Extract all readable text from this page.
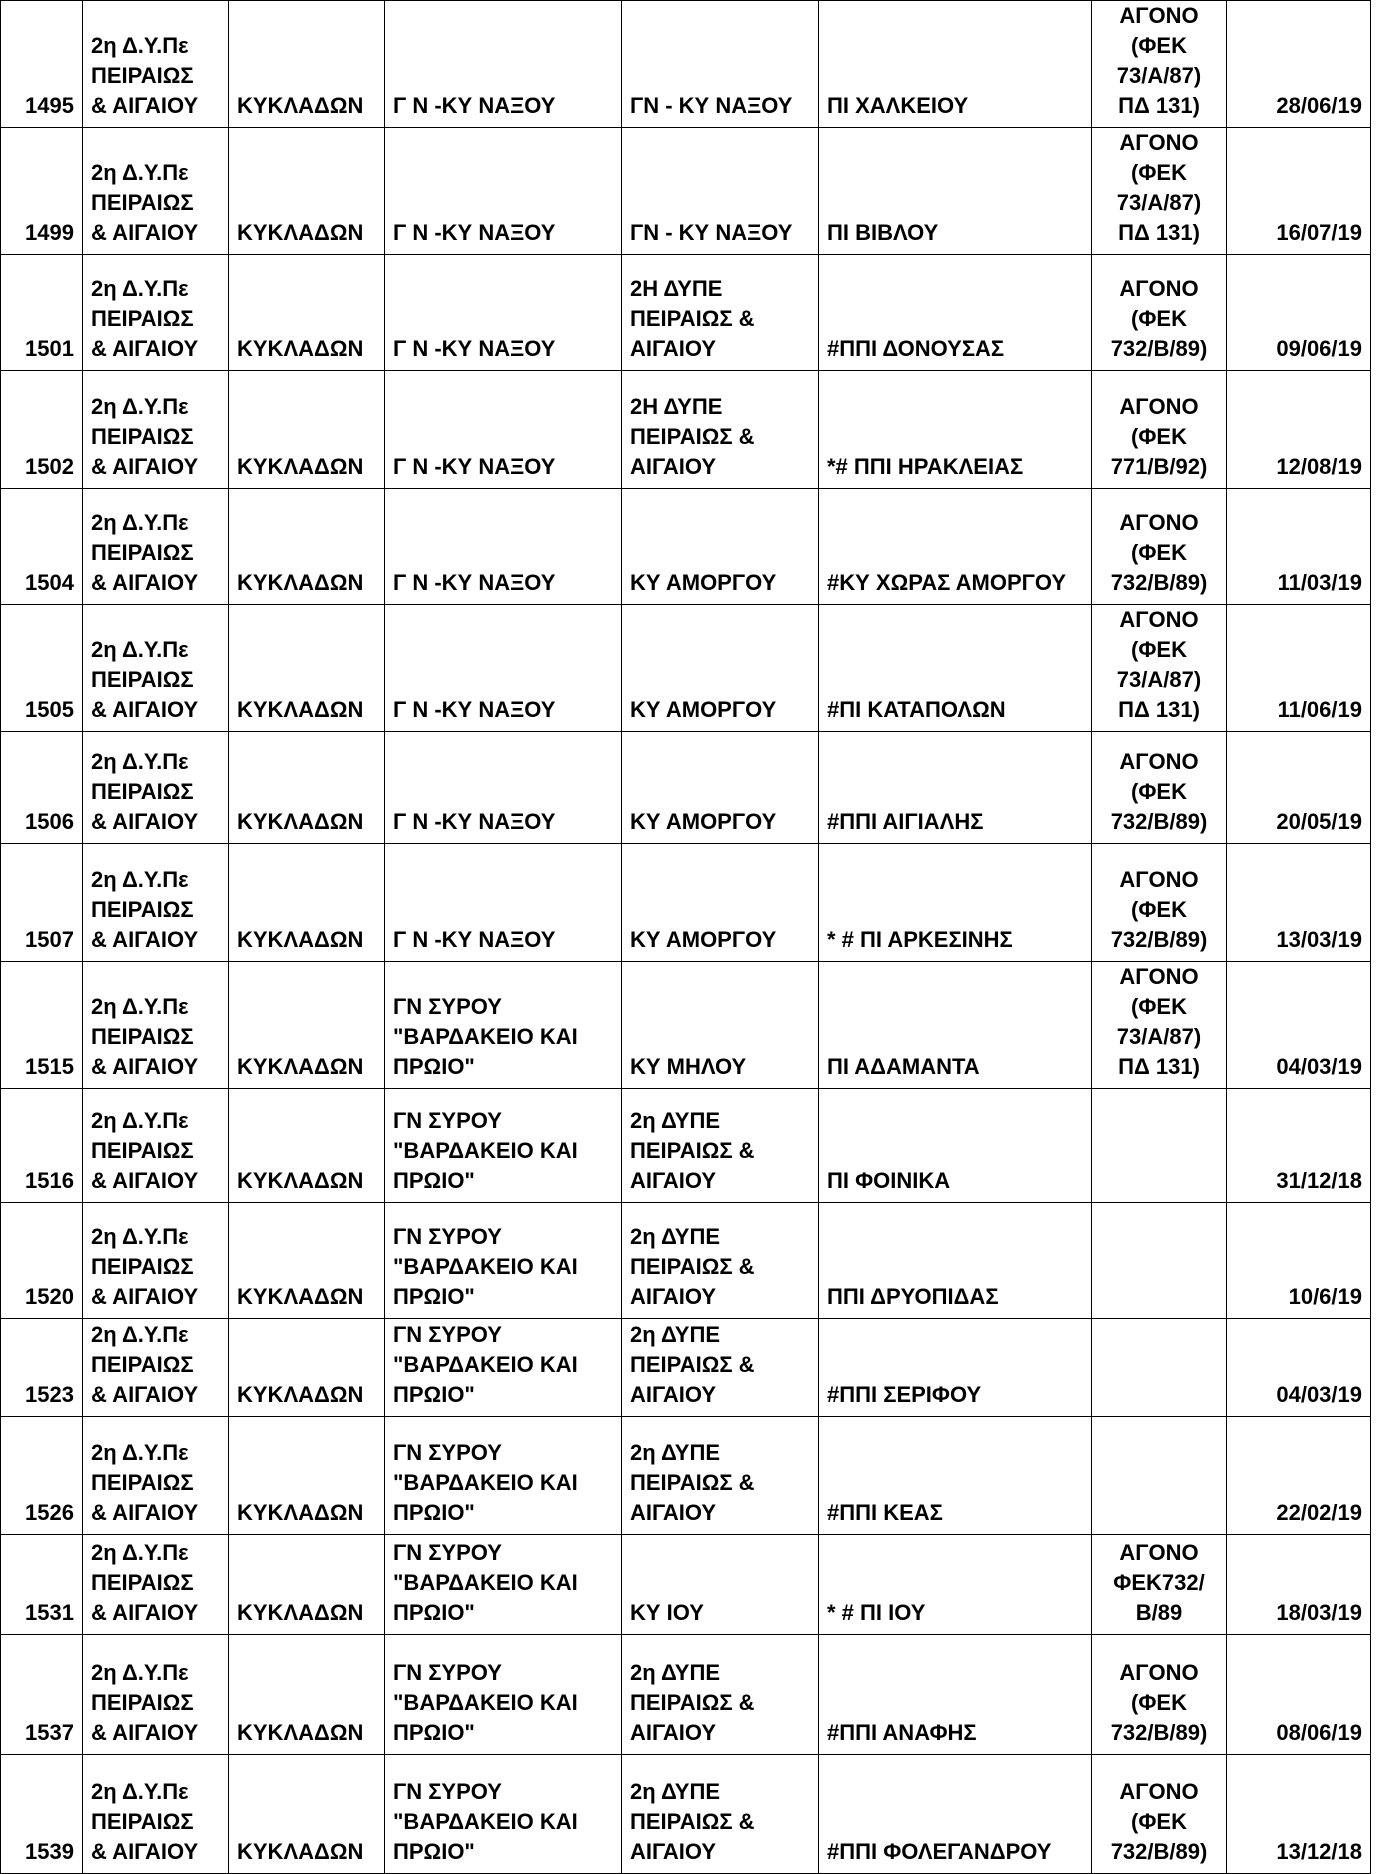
1495	2η Δ.Υ.Πε
ΠΕΙΡΑΙΩΣ
& ΑΙΓΑΙΟΥ	ΚΥΚΛΑΔΩΝ	Γ Ν -ΚΥ ΝΑΞΟΥ	ΓΝ - ΚΥ ΝΑΞΟΥ	ΠΙ ΧΑΛΚΕΙΟΥ	ΑΓΟΝΟ
(ΦΕΚ
73/Α/87)
ΠΔ 131)	28/06/19

1499	2η Δ.Υ.Πε
ΠΕΙΡΑΙΩΣ
& ΑΙΓΑΙΟΥ	ΚΥΚΛΑΔΩΝ	Γ Ν -ΚΥ ΝΑΞΟΥ	ΓΝ - ΚΥ ΝΑΞΟΥ	ΠΙ ΒΙΒΛΟΥ	ΑΓΟΝΟ
(ΦΕΚ
73/Α/87)
ΠΔ 131)	16/07/19

1501	2η Δ.Υ.Πε
ΠΕΙΡΑΙΩΣ
& ΑΙΓΑΙΟΥ	ΚΥΚΛΑΔΩΝ	Γ Ν -ΚΥ ΝΑΞΟΥ	2Η ΔΥΠΕ
ΠΕΙΡΑΙΩΣ &
ΑΙΓΑΙΟΥ	#ΠΠΙ ΔΟΝΟΥΣΑΣ	ΑΓΟΝΟ
(ΦΕΚ
732/Β/89)	09/06/19

1502	2η Δ.Υ.Πε
ΠΕΙΡΑΙΩΣ
& ΑΙΓΑΙΟΥ	ΚΥΚΛΑΔΩΝ	Γ Ν -ΚΥ ΝΑΞΟΥ	2Η ΔΥΠΕ
ΠΕΙΡΑΙΩΣ &
ΑΙΓΑΙΟΥ	*# ΠΠΙ ΗΡΑΚΛΕΙΑΣ	ΑΓΟΝΟ
(ΦΕΚ
771/Β/92)	12/08/19

1504	2η Δ.Υ.Πε
ΠΕΙΡΑΙΩΣ
& ΑΙΓΑΙΟΥ	ΚΥΚΛΑΔΩΝ	Γ Ν -ΚΥ ΝΑΞΟΥ	ΚΥ ΑΜΟΡΓΟΥ	#ΚΥ ΧΩΡΑΣ ΑΜΟΡΓΟΥ	ΑΓΟΝΟ
(ΦΕΚ
732/Β/89)	11/03/19

1505	2η Δ.Υ.Πε
ΠΕΙΡΑΙΩΣ
& ΑΙΓΑΙΟΥ	ΚΥΚΛΑΔΩΝ	Γ Ν -ΚΥ ΝΑΞΟΥ	ΚΥ ΑΜΟΡΓΟΥ	#ΠΙ ΚΑΤΑΠΟΛΩΝ	ΑΓΟΝΟ
(ΦΕΚ
73/Α/87)
ΠΔ 131)	11/06/19

1506	2η Δ.Υ.Πε
ΠΕΙΡΑΙΩΣ
& ΑΙΓΑΙΟΥ	ΚΥΚΛΑΔΩΝ	Γ Ν -ΚΥ ΝΑΞΟΥ	ΚΥ ΑΜΟΡΓΟΥ	#ΠΠΙ ΑΙΓΙΑΛΗΣ	ΑΓΟΝΟ
(ΦΕΚ
732/Β/89)	20/05/19

1507	2η Δ.Υ.Πε
ΠΕΙΡΑΙΩΣ
& ΑΙΓΑΙΟΥ	ΚΥΚΛΑΔΩΝ	Γ Ν -ΚΥ ΝΑΞΟΥ	ΚΥ ΑΜΟΡΓΟΥ	* # ΠΙ ΑΡΚΕΣΙΝΗΣ	ΑΓΟΝΟ
(ΦΕΚ
732/Β/89)	13/03/19

1515	2η Δ.Υ.Πε
ΠΕΙΡΑΙΩΣ
& ΑΙΓΑΙΟΥ	ΚΥΚΛΑΔΩΝ	ΓΝ ΣΥΡΟΥ
"ΒΑΡΔΑΚΕΙΟ ΚΑΙ
ΠΡΩΙΟ"	ΚΥ ΜΗΛΟΥ	ΠΙ ΑΔΑΜΑΝΤΑ	ΑΓΟΝΟ
(ΦΕΚ
73/Α/87)
ΠΔ 131)	04/03/19

1516	2η Δ.Υ.Πε
ΠΕΙΡΑΙΩΣ
& ΑΙΓΑΙΟΥ	ΚΥΚΛΑΔΩΝ	ΓΝ ΣΥΡΟΥ
"ΒΑΡΔΑΚΕΙΟ ΚΑΙ
ΠΡΩΙΟ"	2η ΔΥΠΕ
ΠΕΙΡΑΙΩΣ &
ΑΙΓΑΙΟΥ	ΠΙ ΦΟΙΝΙΚΑ		31/12/18

1520	2η Δ.Υ.Πε
ΠΕΙΡΑΙΩΣ
& ΑΙΓΑΙΟΥ	ΚΥΚΛΑΔΩΝ	ΓΝ ΣΥΡΟΥ
"ΒΑΡΔΑΚΕΙΟ ΚΑΙ
ΠΡΩΙΟ"	2η ΔΥΠΕ
ΠΕΙΡΑΙΩΣ &
ΑΙΓΑΙΟΥ	ΠΠΙ ΔΡΥΟΠΙΔΑΣ		10/6/19

1523	2η Δ.Υ.Πε
ΠΕΙΡΑΙΩΣ
& ΑΙΓΑΙΟΥ	ΚΥΚΛΑΔΩΝ	ΓΝ ΣΥΡΟΥ
"ΒΑΡΔΑΚΕΙΟ ΚΑΙ
ΠΡΩΙΟ"	2η ΔΥΠΕ
ΠΕΙΡΑΙΩΣ &
ΑΙΓΑΙΟΥ	#ΠΠΙ ΣΕΡΙΦΟΥ		04/03/19

1526	2η Δ.Υ.Πε
ΠΕΙΡΑΙΩΣ
& ΑΙΓΑΙΟΥ	ΚΥΚΛΑΔΩΝ	ΓΝ ΣΥΡΟΥ
"ΒΑΡΔΑΚΕΙΟ ΚΑΙ
ΠΡΩΙΟ"	2η ΔΥΠΕ
ΠΕΙΡΑΙΩΣ &
ΑΙΓΑΙΟΥ	#ΠΠΙ ΚΕΑΣ		22/02/19

1531	2η Δ.Υ.Πε
ΠΕΙΡΑΙΩΣ
& ΑΙΓΑΙΟΥ	ΚΥΚΛΑΔΩΝ	ΓΝ ΣΥΡΟΥ
"ΒΑΡΔΑΚΕΙΟ ΚΑΙ
ΠΡΩΙΟ"	ΚΥ ΙΟΥ	* # ΠΙ ΙΟΥ	ΑΓΟΝΟ
ΦΕΚ732/
Β/89	18/03/19

1537	2η Δ.Υ.Πε
ΠΕΙΡΑΙΩΣ
& ΑΙΓΑΙΟΥ	ΚΥΚΛΑΔΩΝ	ΓΝ ΣΥΡΟΥ
"ΒΑΡΔΑΚΕΙΟ ΚΑΙ
ΠΡΩΙΟ"	2η ΔΥΠΕ
ΠΕΙΡΑΙΩΣ &
ΑΙΓΑΙΟΥ	#ΠΠΙ ΑΝΑΦΗΣ	ΑΓΟΝΟ
(ΦΕΚ
732/Β/89)	08/06/19

1539	2η Δ.Υ.Πε
ΠΕΙΡΑΙΩΣ
& ΑΙΓΑΙΟΥ	ΚΥΚΛΑΔΩΝ	ΓΝ ΣΥΡΟΥ
"ΒΑΡΔΑΚΕΙΟ ΚΑΙ
ΠΡΩΙΟ"	2η ΔΥΠΕ
ΠΕΙΡΑΙΩΣ &
ΑΙΓΑΙΟΥ	#ΠΠΙ ΦΟΛΕΓΑΝΔΡΟΥ	ΑΓΟΝΟ
(ΦΕΚ
732/Β/89)	13/12/18
